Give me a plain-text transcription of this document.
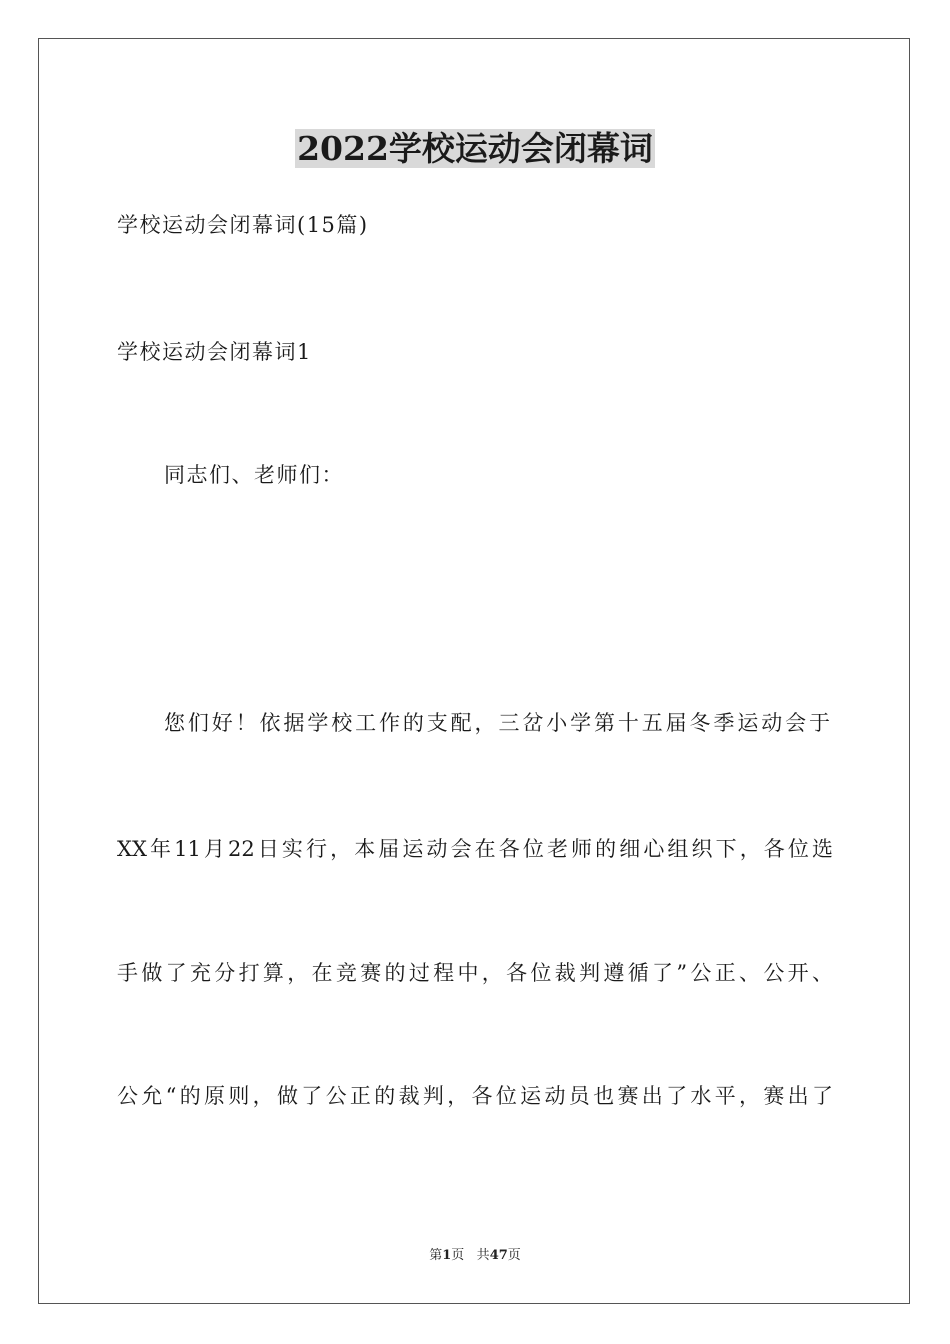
2022学校运动会闭幕词
学校运动会闭幕词(15篇)
学校运动会闭幕词1
同志们、老师们：
您们好！依据学校工作的支配，三岔小学第十五届冬季运动会于
XX年11月22日实行，本届运动会在各位老师的细心组织下，各位选
手做了充分打算，在竞赛的过程中，各位裁判遵循了”公正、公开、
公允“的原则，做了公正的裁判，各位运动员也赛出了水平，赛出了
第1页 共47页
